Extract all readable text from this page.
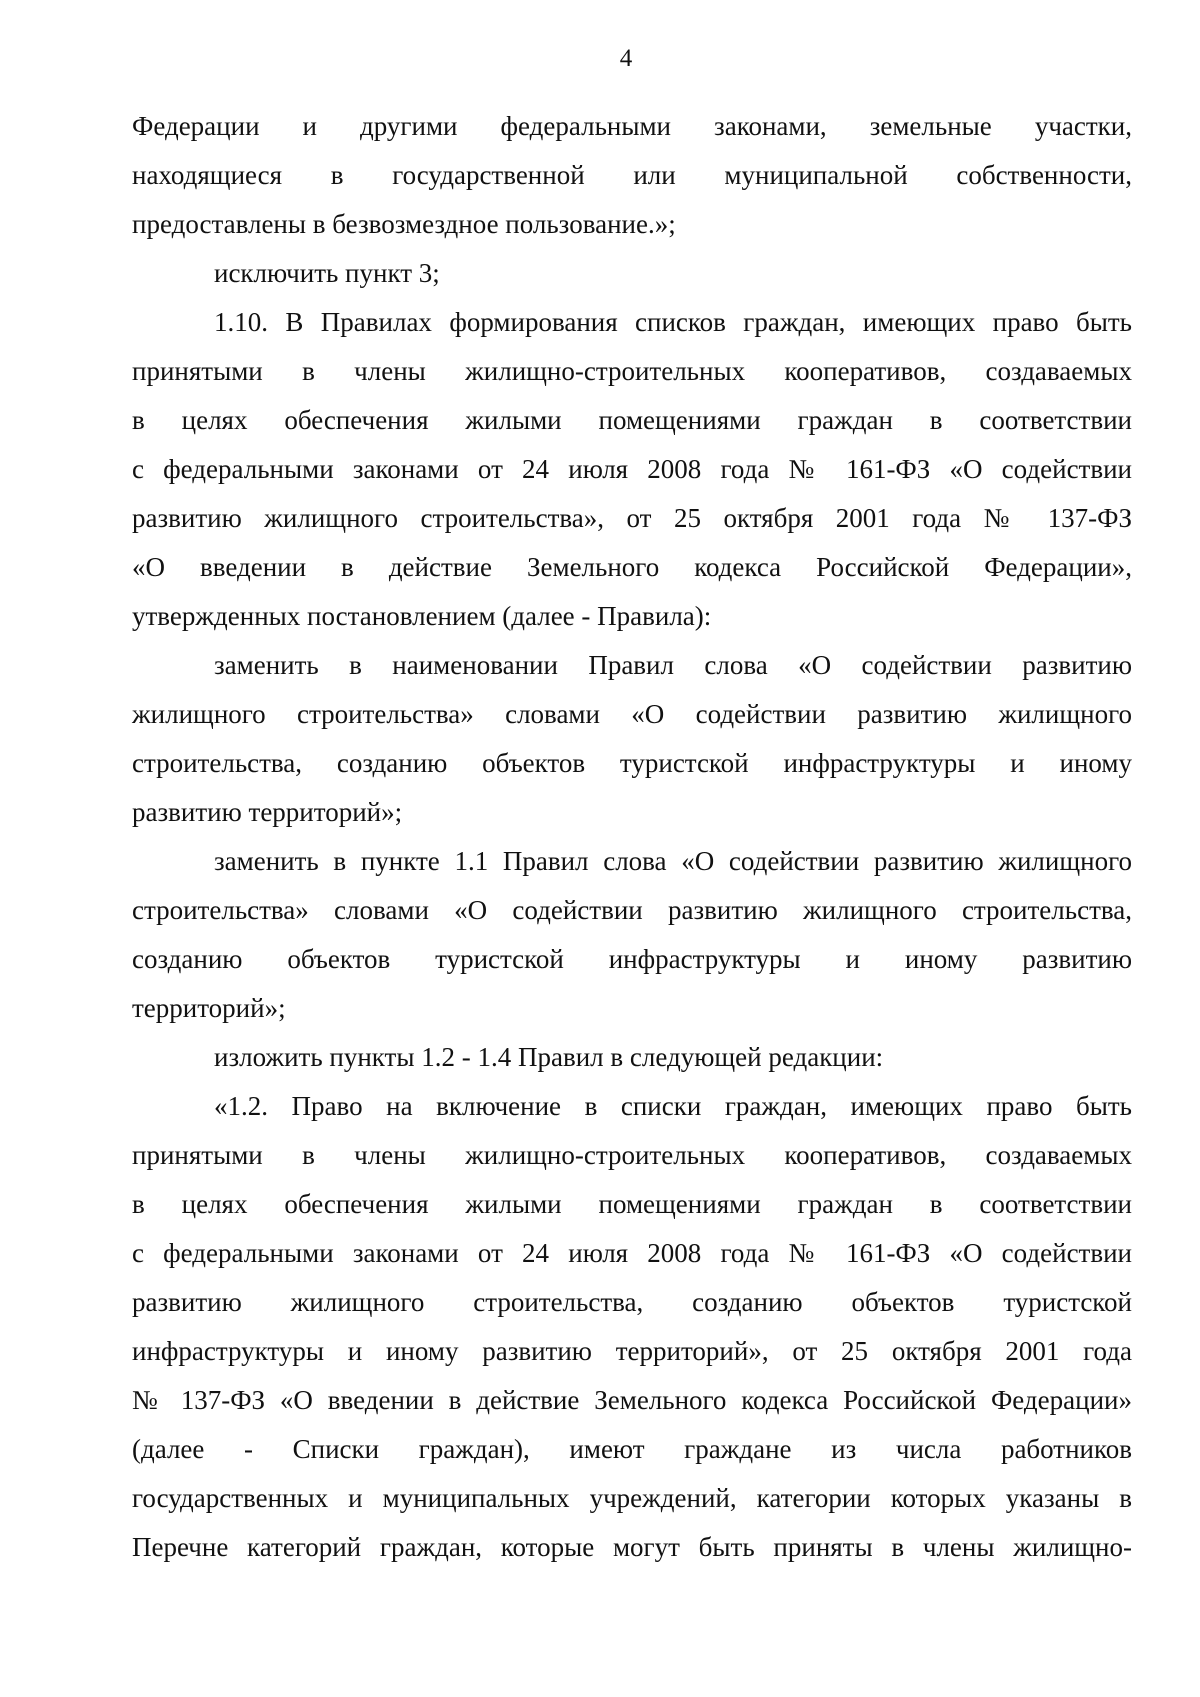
4
Федерации и другими федеральными законами, земельные участки,
находящиеся в государственной или муниципальной собственности,
предоставлены в безвозмездное пользование.»;
исключить пункт 3;
1.10. В Правилах формирования списков граждан, имеющих право быть
принятыми в члены жилищно-строительных кооперативов, создаваемых
в целях обеспечения жилыми помещениями граждан в соответствии
с федеральными законами от 24 июля 2008 года № 161-ФЗ «О содействии
развитию жилищного строительства», от 25 октября 2001 года № 137-ФЗ
«О введении в действие Земельного кодекса Российской Федерации»,
утвержденных постановлением (далее - Правила):
заменить в наименовании Правил слова «О содействии развитию
жилищного строительства» словами «О содействии развитию жилищного
строительства, созданию объектов туристской инфраструктуры и иному
развитию территорий»;
заменить в пункте 1.1 Правил слова «О содействии развитию жилищного
строительства» словами «О содействии развитию жилищного строительства,
созданию объектов туристской инфраструктуры и иному развитию
территорий»;
изложить пункты 1.2 - 1.4 Правил в следующей редакции:
«1.2. Право на включение в списки граждан, имеющих право быть
принятыми в члены жилищно-строительных кооперативов, создаваемых
в целях обеспечения жилыми помещениями граждан в соответствии
с федеральными законами от 24 июля 2008 года № 161-ФЗ «О содействии
развитию жилищного строительства, созданию объектов туристской
инфраструктуры и иному развитию территорий», от 25 октября 2001 года
№ 137-ФЗ «О введении в действие Земельного кодекса Российской Федерации»
(далее - Списки граждан), имеют граждане из числа работников
государственных и муниципальных учреждений, категории которых указаны в
Перечне категорий граждан, которые могут быть приняты в члены жилищно-
